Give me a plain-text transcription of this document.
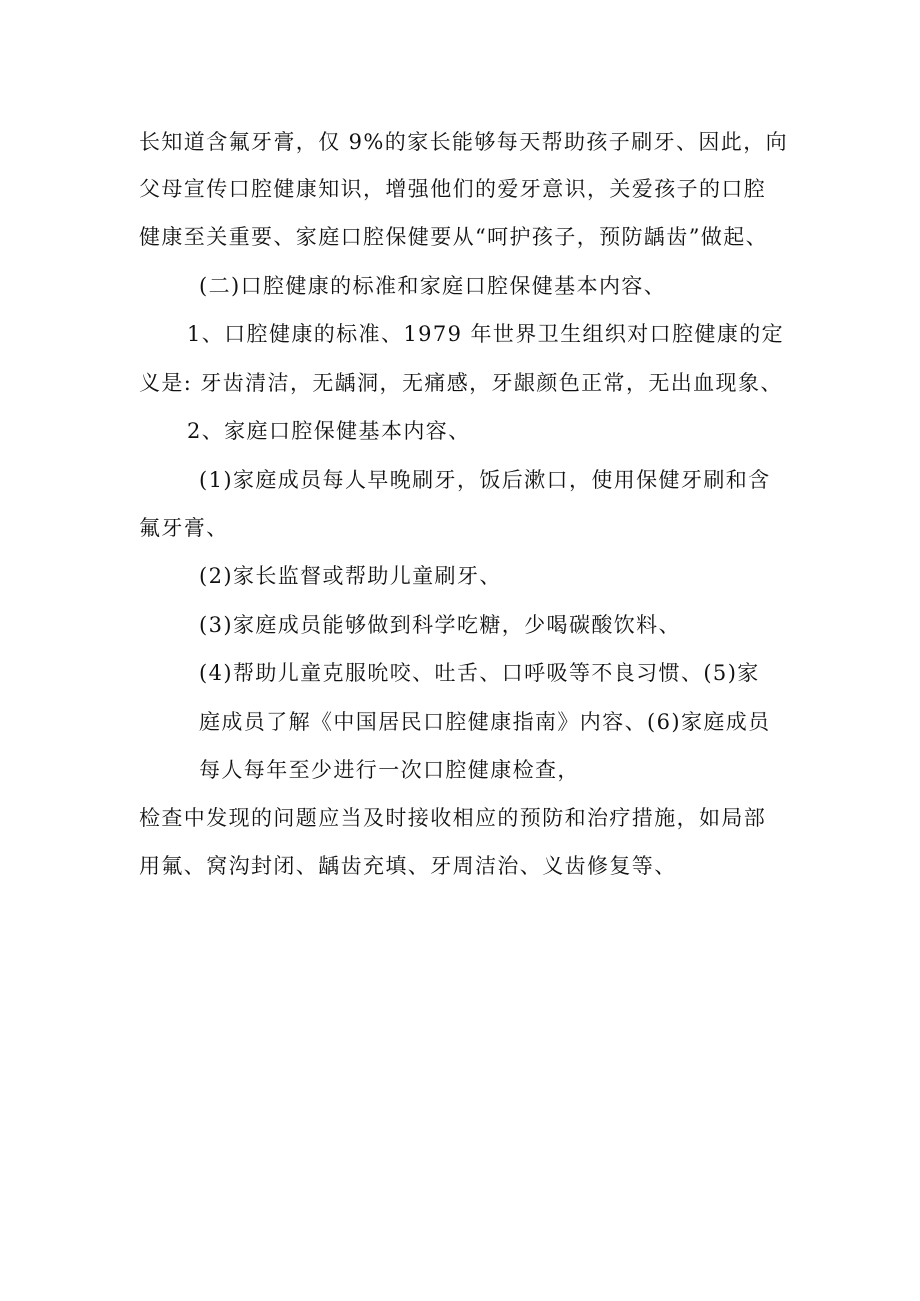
长知道含氟牙膏，仅 9%的家长能够每天帮助孩子刷牙、因此，向
父母宣传口腔健康知识，增强他们的爱牙意识，关爱孩子的口腔
健康至关重要、家庭口腔保健要从“呵护孩子，预防龋齿”做起、
(二)口腔健康的标准和家庭口腔保健基本内容、
1、口腔健康的标准、1979 年世界卫生组织对口腔健康的定
义是: 牙齿清洁，无龋洞，无痛感，牙龈颜色正常，无出血现象、
2、家庭口腔保健基本内容、
(1)家庭成员每人早晚刷牙，饭后漱口，使用保健牙刷和含
氟牙膏、
(2)家长监督或帮助儿童刷牙、
(3)家庭成员能够做到科学吃糖，少喝碳酸饮料、
(4)帮助儿童克服吮咬、吐舌、口呼吸等不良习惯、(5)家
庭成员了解《中国居民口腔健康指南》内容、(6)家庭成员
每人每年至少进行一次口腔健康检查，
检查中发现的问题应当及时接收相应的预防和治疗措施，如局部
用氟、窝沟封闭、龋齿充填、牙周洁治、义齿修复等、
